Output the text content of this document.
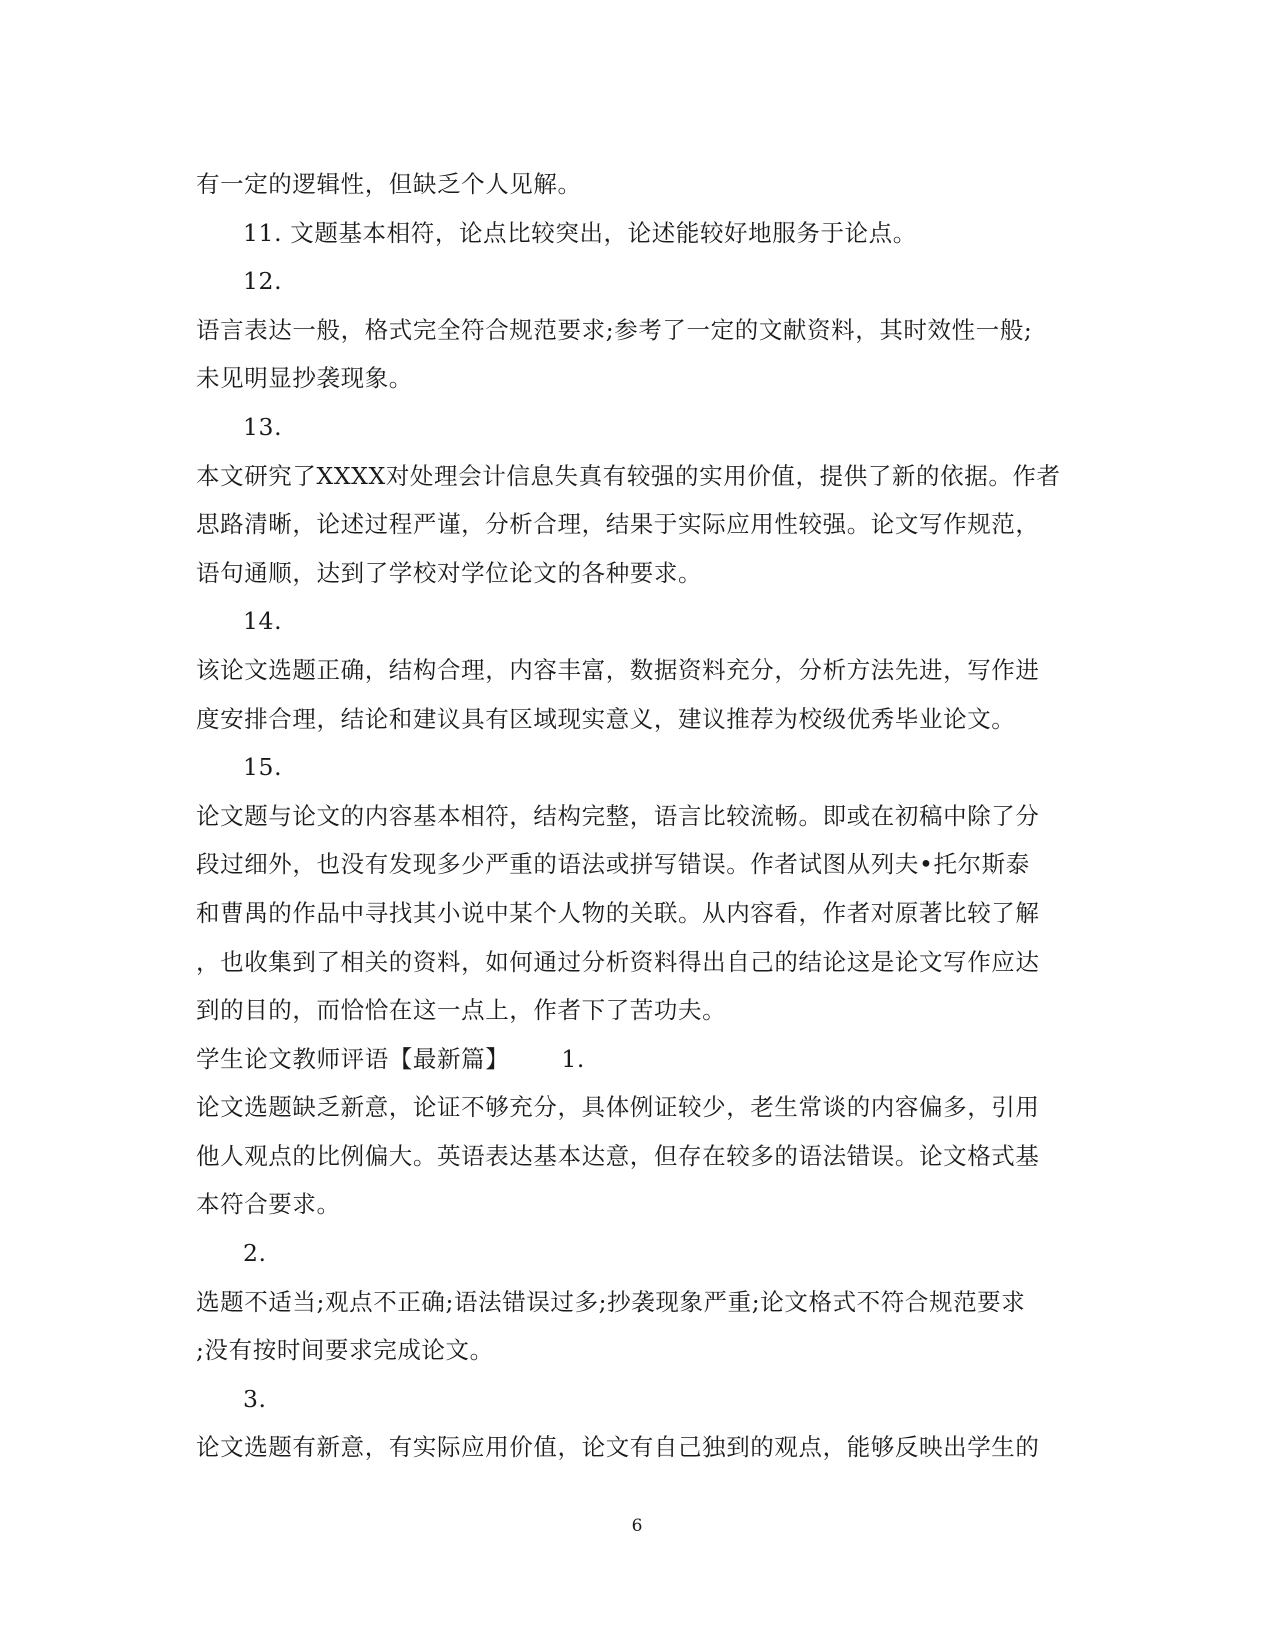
有一定的逻辑性，但缺乏个人见解。
11. 文题基本相符，论点比较突出，论述能较好地服务于论点。
12.
语言表达一般，格式完全符合规范要求;参考了一定的文献资料，其时效性一般;
未见明显抄袭现象。
13.
本文研究了XXXX对处理会计信息失真有较强的实用价值，提供了新的依据。作者
思路清晰，论述过程严谨，分析合理，结果于实际应用性较强。论文写作规范，
语句通顺，达到了学校对学位论文的各种要求。
14.
该论文选题正确，结构合理，内容丰富，数据资料充分，分析方法先进，写作进
度安排合理，结论和建议具有区域现实意义，建议推荐为校级优秀毕业论文。
15.
论文题与论文的内容基本相符，结构完整，语言比较流畅。即或在初稿中除了分
段过细外，也没有发现多少严重的语法或拼写错误。作者试图从列夫•托尔斯泰
和曹禺的作品中寻找其小说中某个人物的关联。从内容看，作者对原著比较了解
，也收集到了相关的资料，如何通过分析资料得出自己的结论这是论文写作应达
到的目的，而恰恰在这一点上，作者下了苦功夫。
学生论文教师评语【最新篇】 1.
论文选题缺乏新意，论证不够充分，具体例证较少，老生常谈的内容偏多，引用
他人观点的比例偏大。英语表达基本达意，但存在较多的语法错误。论文格式基
本符合要求。
2.
选题不适当;观点不正确;语法错误过多;抄袭现象严重;论文格式不符合规范要求
;没有按时间要求完成论文。
3.
论文选题有新意，有实际应用价值，论文有自己独到的观点，能够反映出学生的
6
